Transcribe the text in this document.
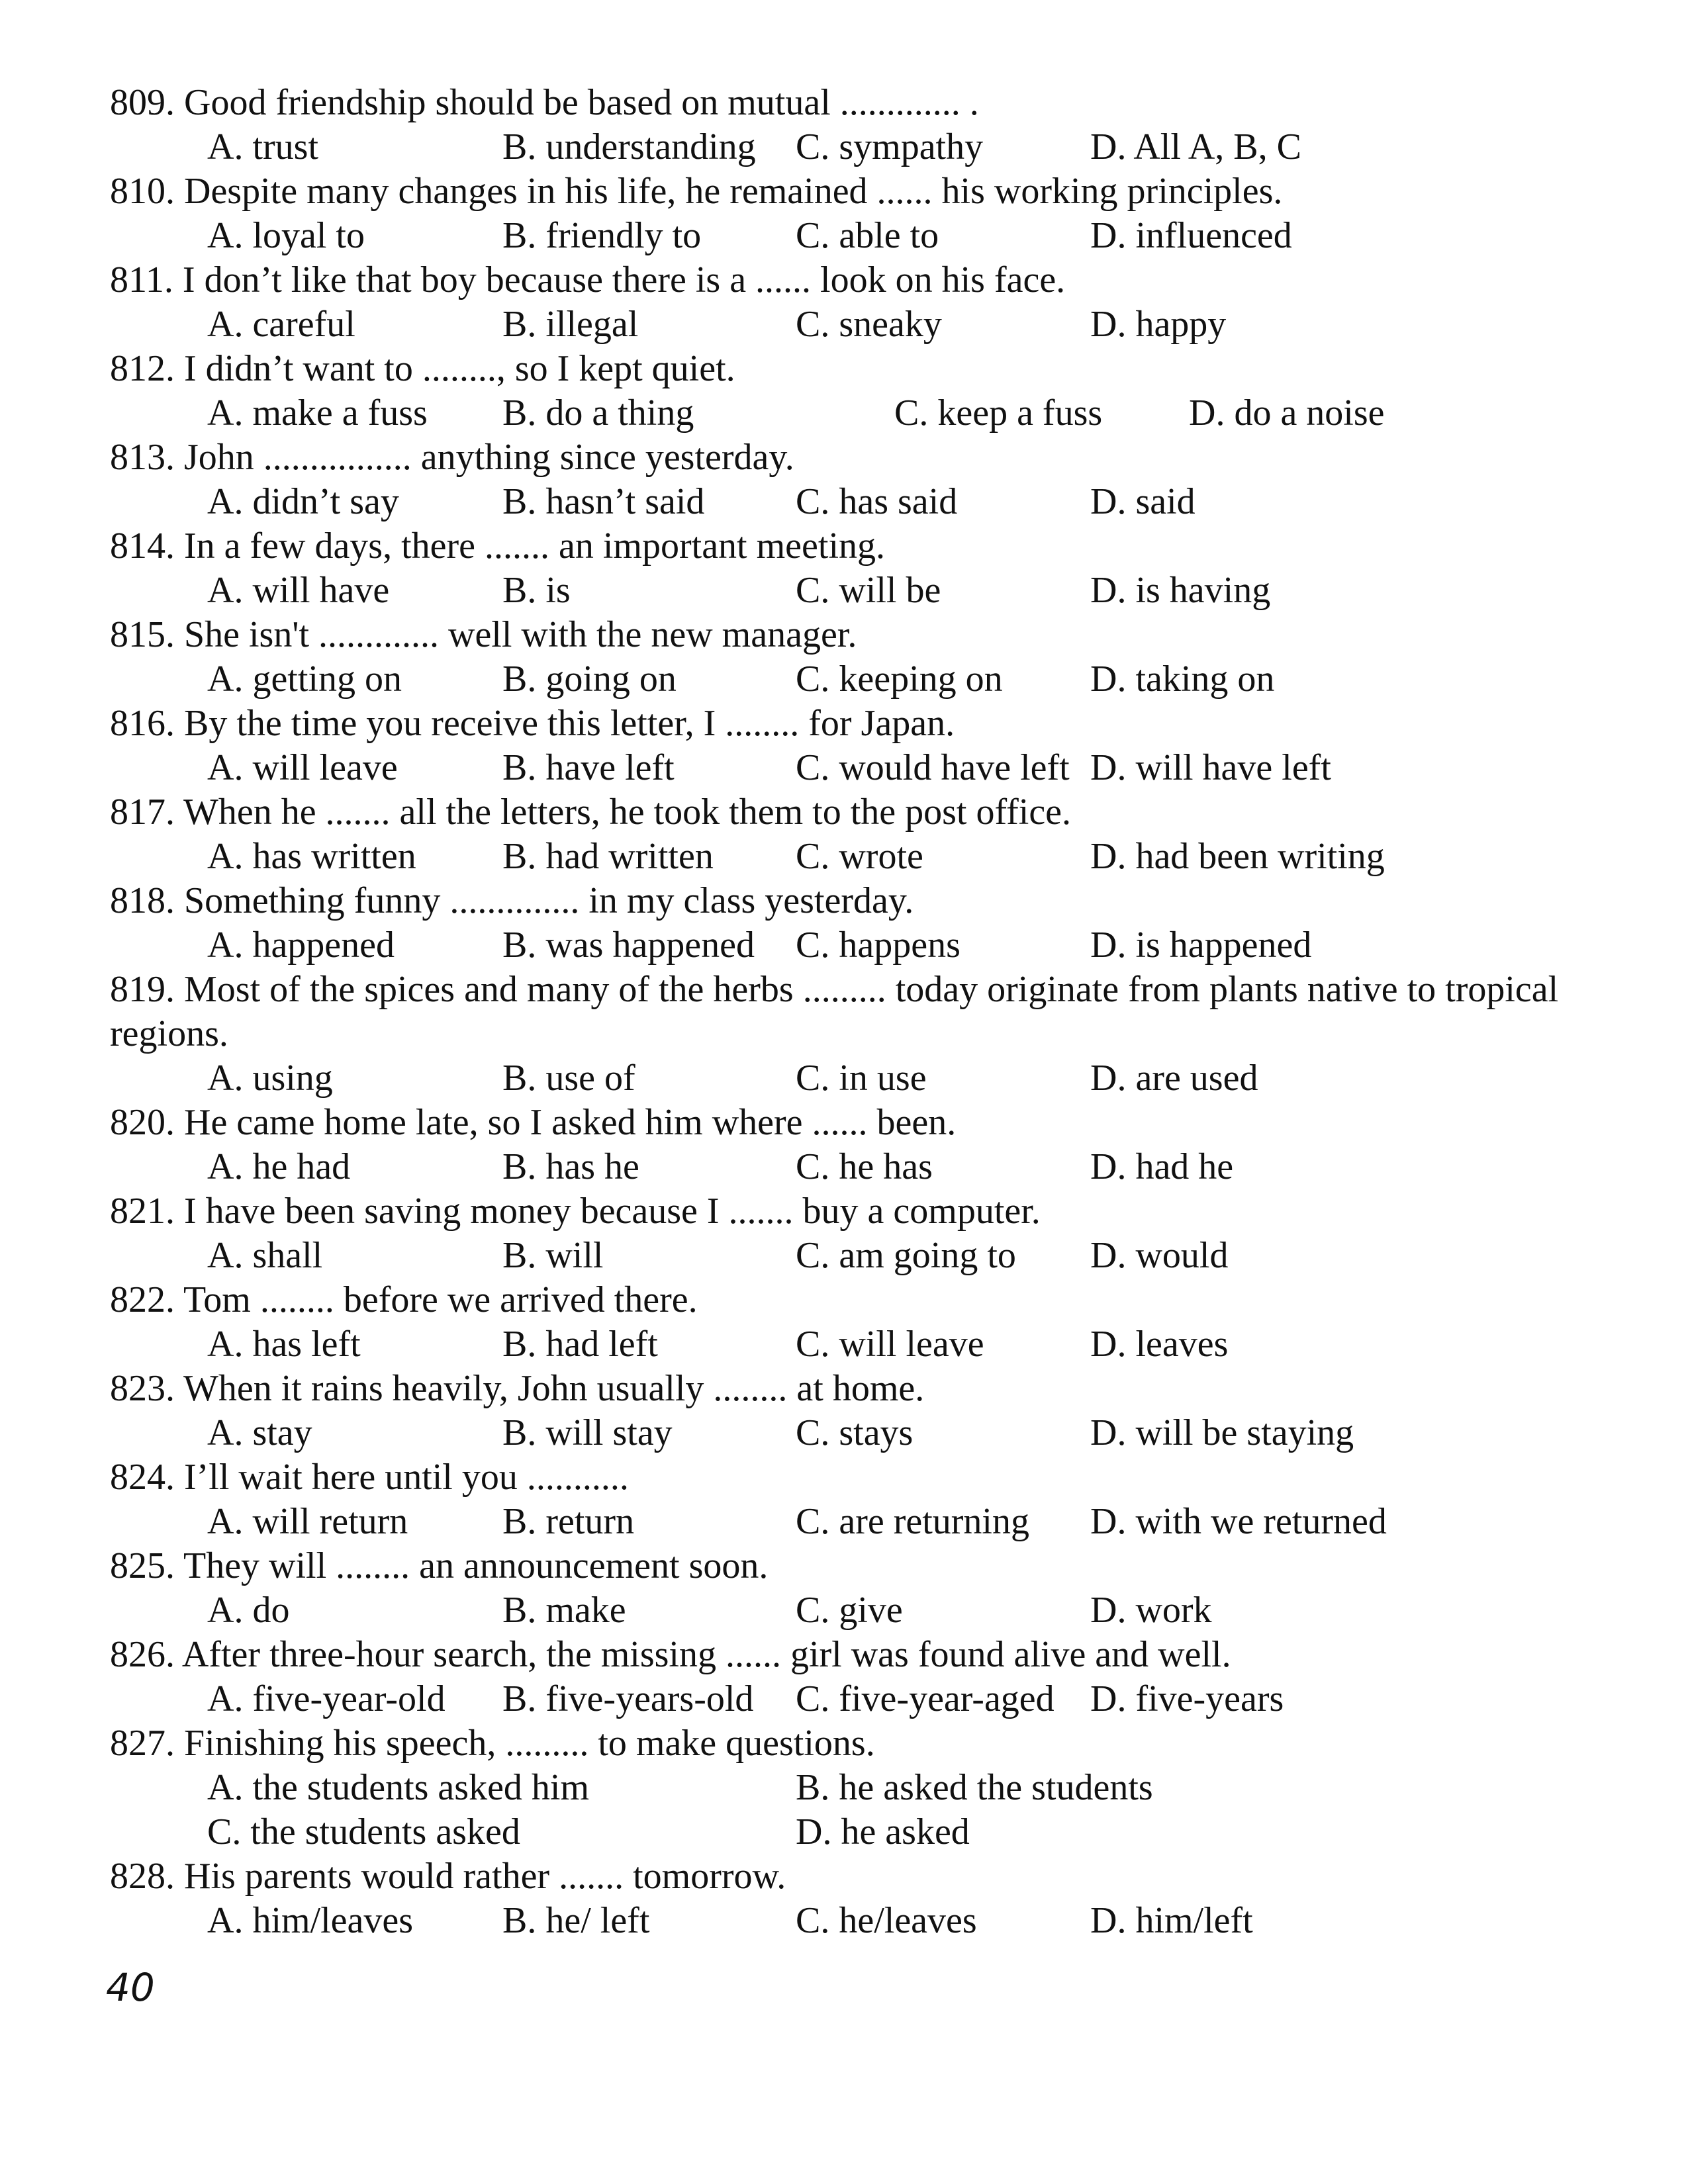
809. Good friendship should be based on mutual ............. .
A. trust	B. understanding C. sympathy	D. All A, B, C
810. Despite many changes in his life, he remained ...... his working principles.
A. loyal to	B. friendly to	C. able to	D. influenced
811. I don’t like that boy because there is a ...... look on his face.
A. careful	B. illegal	C. sneaky	D. happy
812. I didn’t want to ........, so I kept quiet.
A. make a fuss B. do a thing	C. keep a fuss D. do a noise
813. John ................ anything since yesterday.
A. didn’t say	B. hasn’t said C. has said	D. said
814. In a few days, there ....... an important meeting.
A. will have	B. is	C. will be	D. is having
815. She isn't ............. well with the new manager.
A. getting on	B. going on	C. keeping on D. taking on
816. By the time you receive this letter, I ........ for Japan.
A. will leave	B. have left	C. would have left D. will have left
817. When he ....... all the letters, he took them to the post office.
A. has written B. had written C. wrote	D. had been writing
818. Something funny .............. in my class yesterday.
A. happened	B. was happened C. happens	D. is happened
819. Most of the spices and many of the herbs ......... today originate from plants native to tropical regions.
A. using	B. use of	C. in use	D. are used
820. He came home late, so I asked him where ...... been.
A. he had	B. has he	C. he has	D. had he
821. I have been saving money because I ....... buy a computer.
A. shall	B. will	C. am going to D. would
822. Tom ........ before we arrived there.
A. has left	B. had left	C. will leave	D. leaves
823. When it rains heavily, John usually ........ at home.
A. stay	B. will stay	C. stays	D. will be staying
824. I’ll wait here until you ...........
A. will return	B. return	C. are returning D. with we returned
825. They will ........ an announcement soon.
A. do	B. make	C. give	D. work
826. After three-hour search, the missing ...... girl was found alive and well.
A. five-year-old B. five-years-old C. five-year-aged D. five-years
827. Finishing his speech, ......... to make questions.
A. the students asked him	B. he asked the students
C. the students asked	D. he asked
828. His parents would rather ....... tomorrow.
A. him/leaves B. he/ left	C. he/leaves	D. him/left
40
